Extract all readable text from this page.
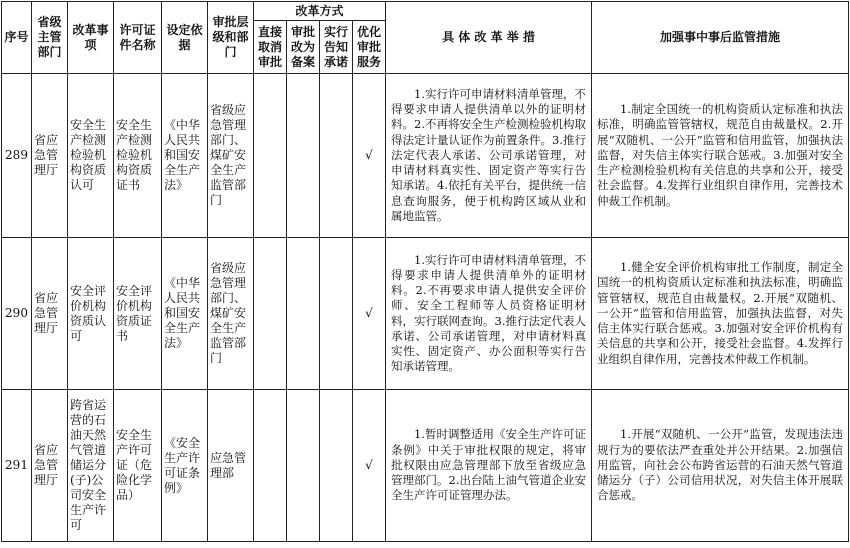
序号	省级主管部门	改革事项	许可证件名称	设定依据	审批层级和部门	改革方式				具 体 改 革 举 措	加强事中事后监管措施
						直接取消审批	审批改为备案	实行告知承诺	优化审批服务		
289	省应急管理厅	安全生产检测检验机构资质认可	安全生产检测检验机构资质证书	《中华人民共和国安全生产法》	省级应急管理部门、煤矿安全生产监管部门				√	1.实行许可申请材料清单管理，不得要求申请人提供清单以外的证明材料。2.不再将安全生产检测检验机构取得法定计量认证作为前置条件。3.推行法定代表人承诺、公司承诺管理，对申请材料真实性、固定资产等实行告知承诺。4.依托有关平台，提供统一信息查询服务，便于机构跨区域从业和属地监管。	1.制定全国统一的机构资质认定标准和执法标准，明确监管管辖权，规范自由裁量权。2.开展“双随机、一公开”监管和信用监管，加强执法监督，对失信主体实行联合惩戒。3.加强对安全生产检测检验机构有关信息的共享和公开，接受社会监督。4.发挥行业组织自律作用，完善技术仲裁工作机制。
290	省应急管理厅	安全评价机构资质认可	安全评价机构资质证书	《中华人民共和国安全生产法》	省级应急管理部门、煤矿安全生产监管部门				√	1.实行许可申请材料清单管理，不得要求申请人提供清单外的证明材料。2.不再要求申请人提供安全评价师、安全工程师等人员资格证明材料，实行联网查询。3.推行法定代表人承诺、公司承诺管理，对申请材料真实性、固定资产、办公面积等实行告知承诺管理。	1.健全安全评价机构审批工作制度，制定全国统一的机构资质认定标准和执法标准，明确监管管辖权，规范自由裁量权。2.开展“双随机、一公开”监管和信用监管，加强执法监督，对失信主体实行联合惩戒。3.加强对安全评价机构有关信息的共享和公开，接受社会监督。4.发挥行业组织自律作用，完善技术仲裁工作机制。
291	省应急管理厅	跨省运营的石油天然气管道储运分(子)公司安全生产许可	安全生产许可证（危险化学品）	《安全生产许可证条例》	应急管理部				√	1.暂时调整适用《安全生产许可证条例》中关于审批权限的规定，将审批权限由应急管理部下放至省级应急管理部门。2.出台陆上油气管道企业安全生产许可证管理办法。	1.开展“双随机、一公开”监管，发现违法违规行为的要依法严查重处并公开结果。2.加强信用监管，向社会公布跨省运营的石油天然气管道储运分（子）公司信用状况，对失信主体开展联合惩戒。
